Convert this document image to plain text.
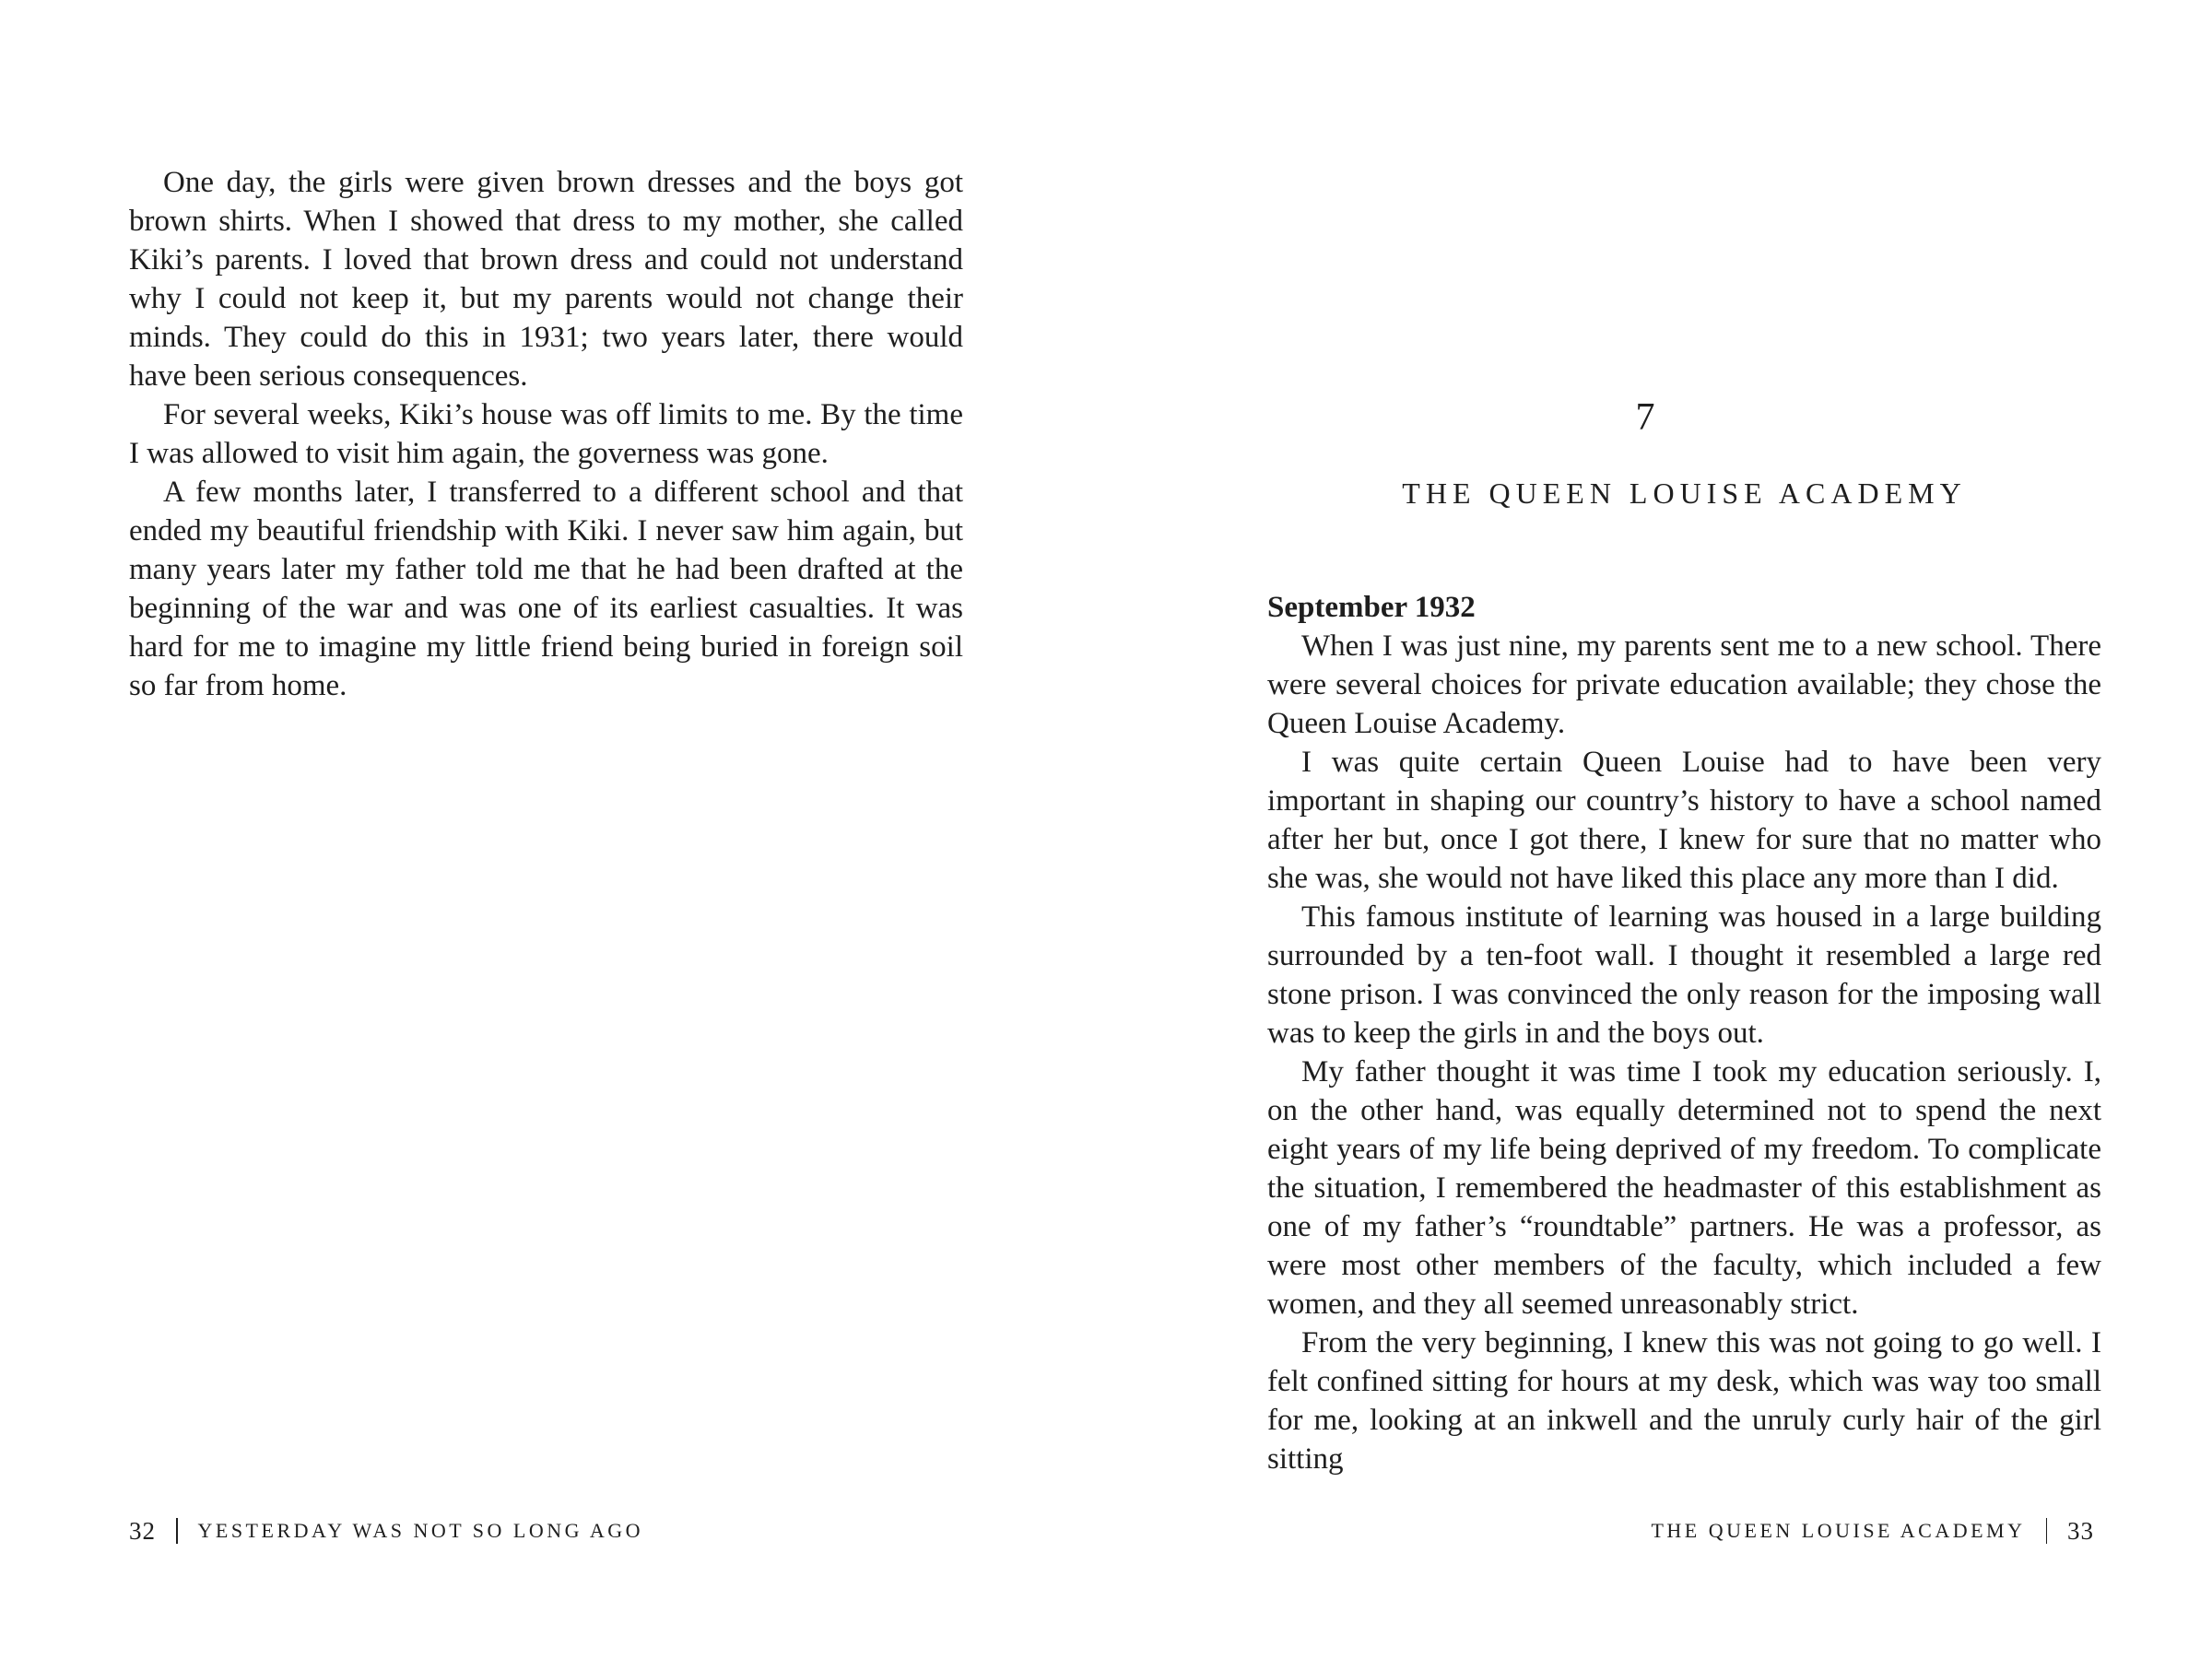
One day, the girls were given brown dresses and the boys got brown shirts. When I showed that dress to my mother, she called Kiki’s parents. I loved that brown dress and could not understand why I could not keep it, but my parents would not change their minds. They could do this in 1931; two years later, there would have been serious consequences.

For several weeks, Kiki’s house was off limits to me. By the time I was allowed to visit him again, the governess was gone.

A few months later, I transferred to a different school and that ended my beautiful friendship with Kiki. I never saw him again, but many years later my father told me that he had been drafted at the beginning of the war and was one of its earliest casualties. It was hard for me to imagine my little friend being buried in foreign soil so far from home.

32 YESTERDAY WAS NOT SO LONG AGO
7
THE QUEEN LOUISE ACADEMY
September 1932

When I was just nine, my parents sent me to a new school. There were several choices for private education available; they chose the Queen Louise Academy.

I was quite certain Queen Louise had to have been very important in shaping our country’s history to have a school named after her but, once I got there, I knew for sure that no matter who she was, she would not have liked this place any more than I did.

This famous institute of learning was housed in a large building surrounded by a ten-foot wall. I thought it resembled a large red stone prison. I was convinced the only reason for the imposing wall was to keep the girls in and the boys out.

My father thought it was time I took my education seriously. I, on the other hand, was equally determined not to spend the next eight years of my life being deprived of my freedom. To complicate the situation, I remembered the headmaster of this establishment as one of my father’s “roundtable” partners. He was a professor, as were most other members of the faculty, which included a few women, and they all seemed unreasonably strict.

From the very beginning, I knew this was not going to go well. I felt confined sitting for hours at my desk, which was way too small for me, looking at an inkwell and the unruly curly hair of the girl sitting

THE QUEEN LOUISE ACADEMY 33
